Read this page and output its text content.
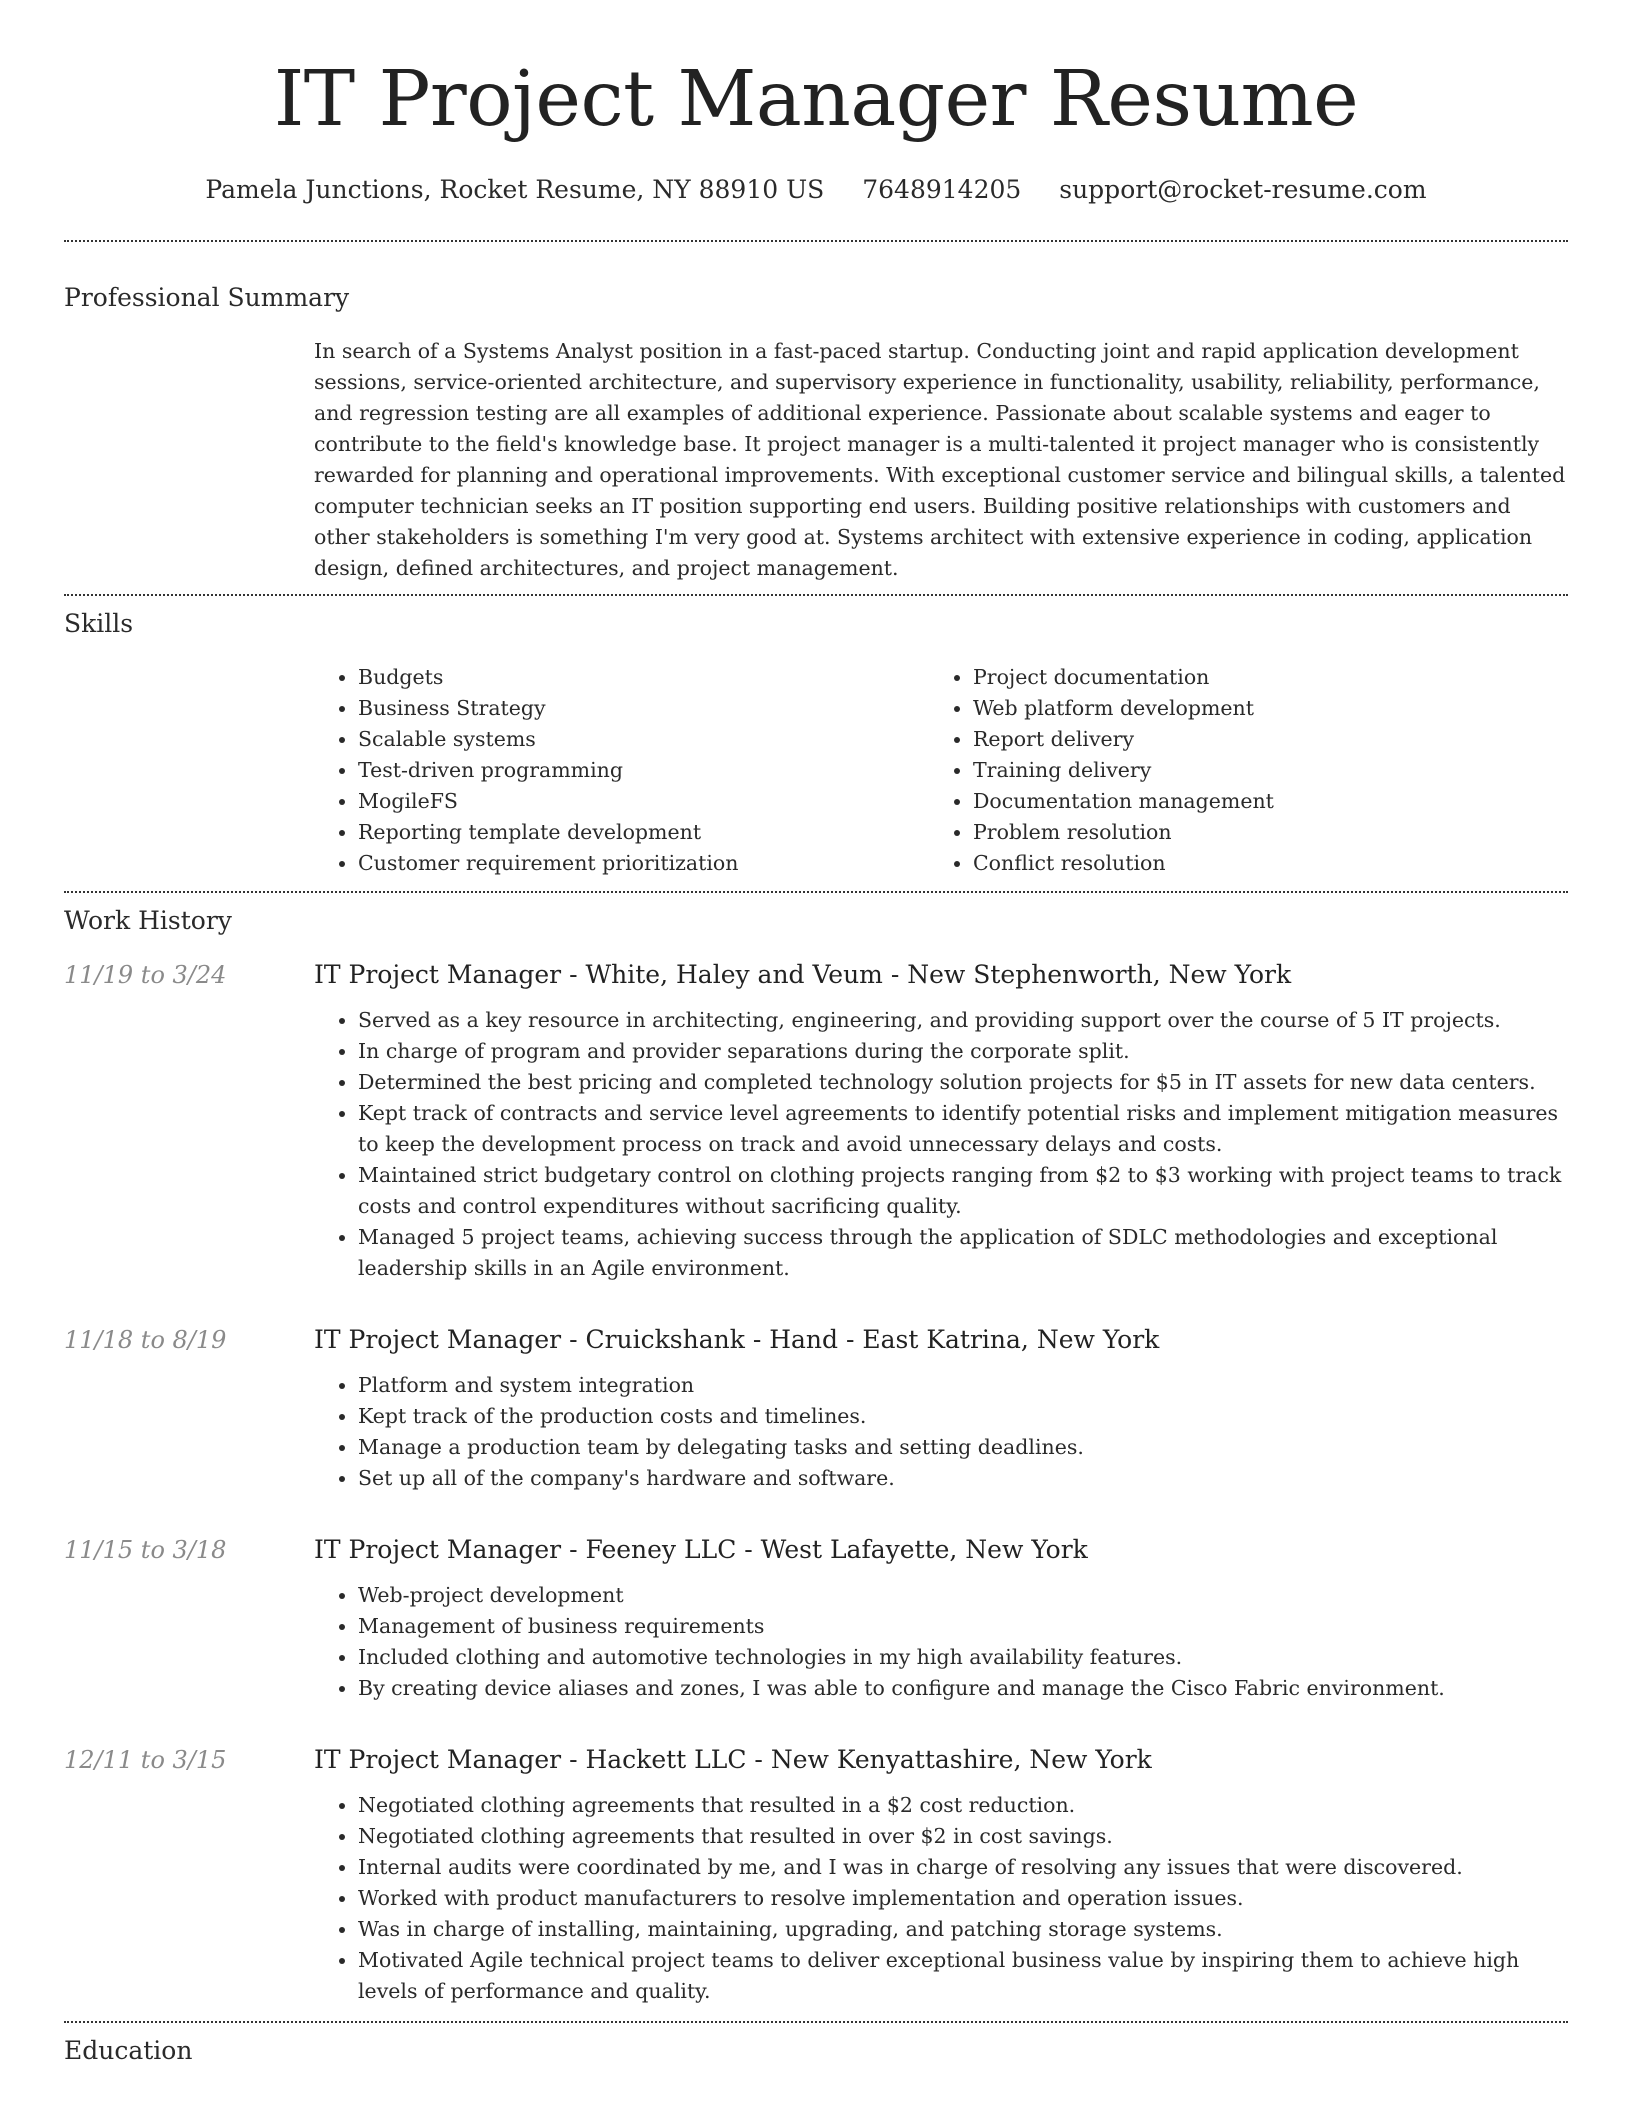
IT Project Manager Resume
Pamela Junctions, Rocket Resume, NY 88910 US 7648914205 support@rocket-resume.com
Professional Summary
In search of a Systems Analyst position in a fast-paced startup. Conducting joint and rapid application development sessions, service-oriented architecture, and supervisory experience in functionality, usability, reliability, performance, and regression testing are all examples of additional experience. Passionate about scalable systems and eager to contribute to the field's knowledge base. It project manager is a multi-talented it project manager who is consistently rewarded for planning and operational improvements. With exceptional customer service and bilingual skills, a talented computer technician seeks an IT position supporting end users. Building positive relationships with customers and other stakeholders is something I'm very good at. Systems architect with extensive experience in coding, application design, defined architectures, and project management.
Skills
• Budgets
• Business Strategy
• Scalable systems
• Test-driven programming
• MogileFS
• Reporting template development
• Customer requirement prioritization
• Project documentation
• Web platform development
• Report delivery
• Training delivery
• Documentation management
• Problem resolution
• Conflict resolution
Work History
11/19 to 3/24	IT Project Manager - White, Haley and Veum - New Stephenworth, New York
• Served as a key resource in architecting, engineering, and providing support over the course of 5 IT projects.
• In charge of program and provider separations during the corporate split.
• Determined the best pricing and completed technology solution projects for $5 in IT assets for new data centers.
• Kept track of contracts and service level agreements to identify potential risks and implement mitigation measures to keep the development process on track and avoid unnecessary delays and costs.
• Maintained strict budgetary control on clothing projects ranging from $2 to $3 working with project teams to track costs and control expenditures without sacrificing quality.
• Managed 5 project teams, achieving success through the application of SDLC methodologies and exceptional leadership skills in an Agile environment.
11/18 to 8/19	IT Project Manager - Cruickshank - Hand - East Katrina, New York
• Platform and system integration
• Kept track of the production costs and timelines.
• Manage a production team by delegating tasks and setting deadlines.
• Set up all of the company's hardware and software.
11/15 to 3/18	IT Project Manager - Feeney LLC - West Lafayette, New York
• Web-project development
• Management of business requirements
• Included clothing and automotive technologies in my high availability features.
• By creating device aliases and zones, I was able to configure and manage the Cisco Fabric environment.
12/11 to 3/15	IT Project Manager - Hackett LLC - New Kenyattashire, New York
• Negotiated clothing agreements that resulted in a $2 cost reduction.
• Negotiated clothing agreements that resulted in over $2 in cost savings.
• Internal audits were coordinated by me, and I was in charge of resolving any issues that were discovered.
• Worked with product manufacturers to resolve implementation and operation issues.
• Was in charge of installing, maintaining, upgrading, and patching storage systems.
• Motivated Agile technical project teams to deliver exceptional business value by inspiring them to achieve high levels of performance and quality.
Education
